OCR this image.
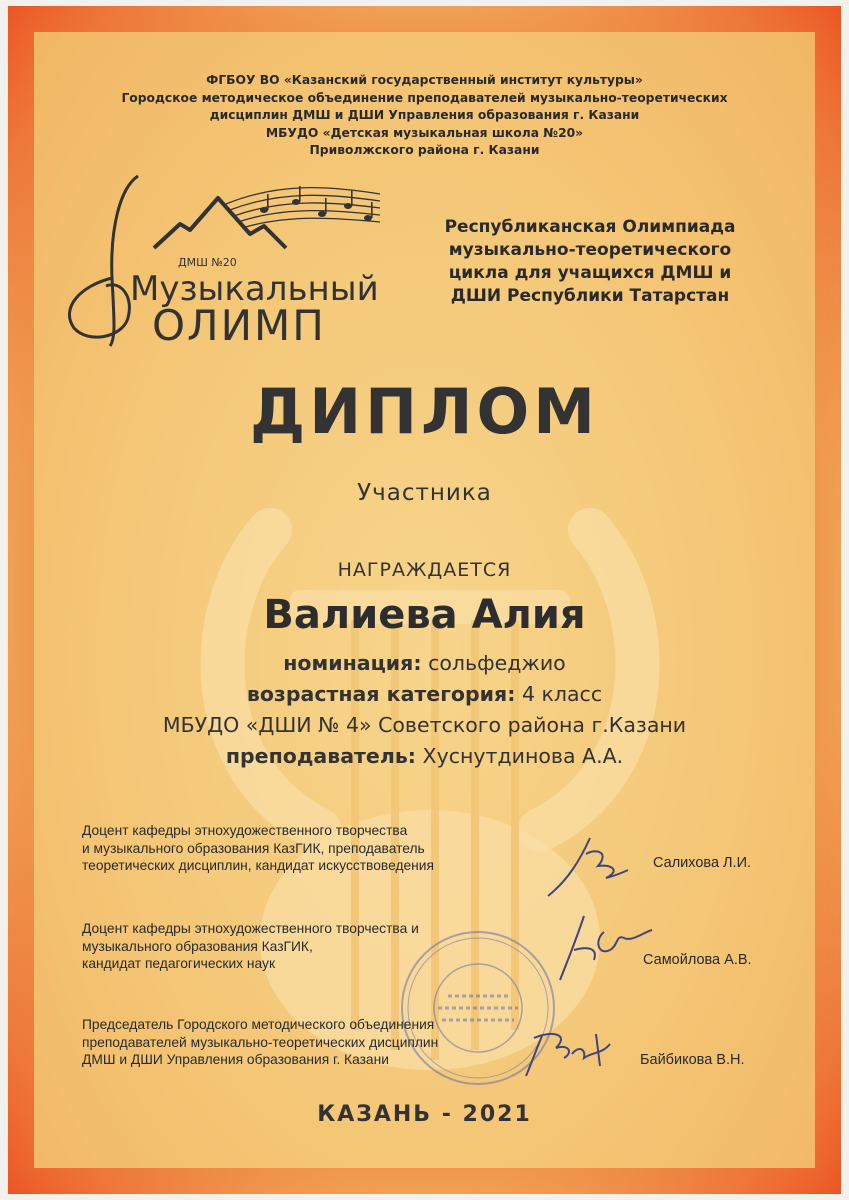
ФГБОУ ВО «Казанский государственный институт культуры»
Городское методическое объединение преподавателей музыкально-теоретических
дисциплин ДМШ и ДШИ Управления образования г. Казани
МБУДО «Детская музыкальная школа №20»
Приволжского района г. Казани
ДМШ №20
Музыкальный
ОЛИМП
Республиканская Олимпиада
музыкально-теоретического
цикла для учащихся ДМШ и
ДШИ Республики Татарстан
ДИПЛОМ
Участника
НАГРАЖДАЕТСЯ
Валиева Алия
номинация: сольфеджио
возрастная категория: 4 класс
МБУДО «ДШИ № 4» Советского района г.Казани
преподаватель: Хуснутдинова А.А.
Доцент кафедры этнохудожественного творчества
и музыкального образования КазГИК, преподаватель
теоретических дисциплин, кандидат искусствоведения	Салихова Л.И.
Доцент кафедры этнохудожественного творчества и
музыкального образования КазГИК,
кандидат педагогических наук	Самойлова А.В.
Председатель Городского методического объединения
преподавателей музыкально-теоретических дисциплин
ДМШ и ДШИ Управления образования г. Казани	Байбикова В.Н.
КАЗАНЬ - 2021
